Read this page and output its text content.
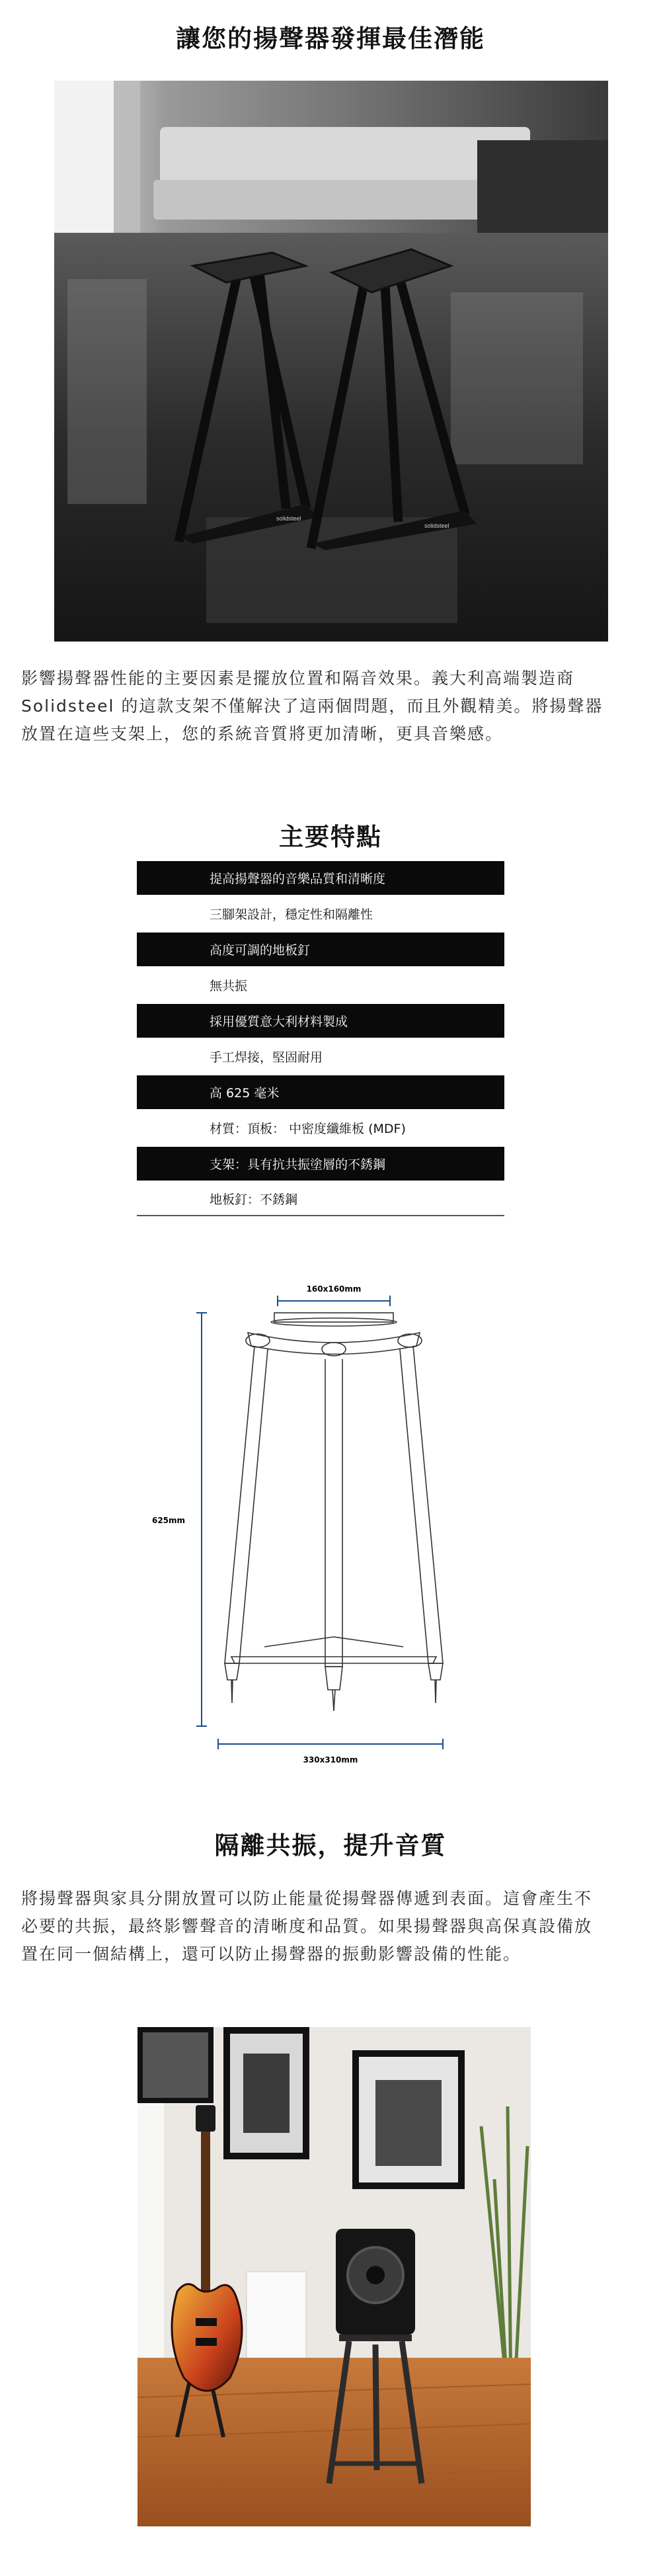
讓您的揚聲器發揮最佳潛能
solidsteel
solidsteel
影響揚聲器性能的主要因素是擺放位置和隔音效果。義大利高端製造商
Solidsteel 的這款支架不僅解決了這兩個問題，而且外觀精美。將揚聲器
放置在這些支架上，您的系統音質將更加清晰，更具音樂感。
主要特點
提高揚聲器的音樂品質和清晰度
三腳架設計，穩定性和隔離性
高度可調的地板釘
無共振
採用優質意大利材料製成
手工焊接，堅固耐用
高 625 毫米
材質：頂板： 中密度纖維板 (MDF)
支架：具有抗共振塗層的不銹鋼
地板釘：不銹鋼
160x160mm
625mm
330x310mm
隔離共振，提升音質
將揚聲器與家具分開放置可以防止能量從揚聲器傳遞到表面。這會產生不
必要的共振，最終影響聲音的清晰度和品質。如果揚聲器與高保真設備放
置在同一個結構上，還可以防止揚聲器的振動影響設備的性能。
